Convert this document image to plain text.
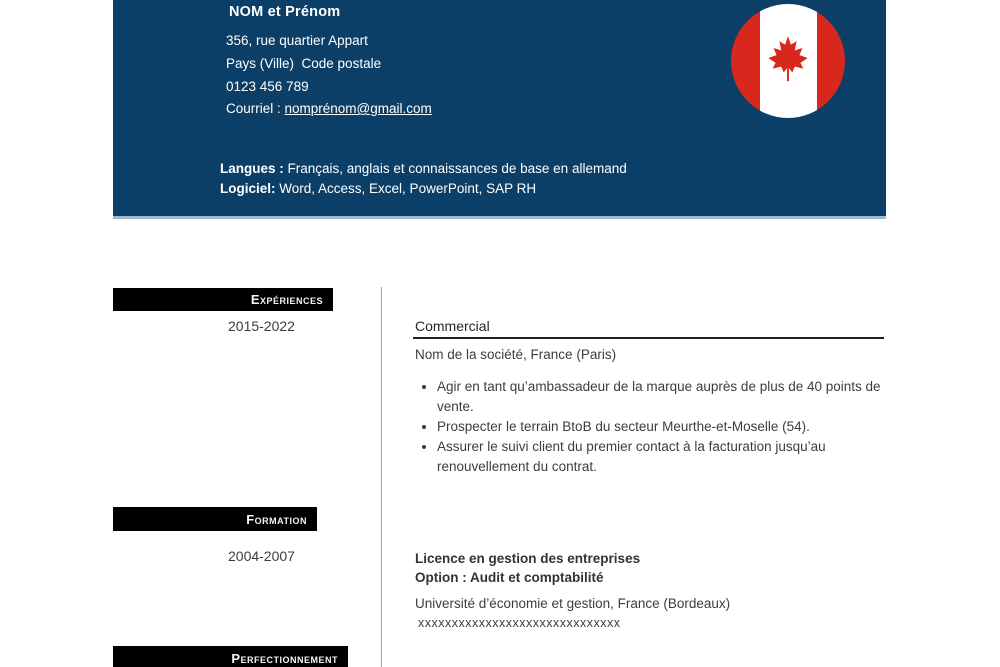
NOM et Prénom
356, rue quartier Appart
Pays (Ville)  Code postale
0123 456 789
Courriel : nomprénom@gmail.com
Langues : Français, anglais et connaissances de base en allemand
Logiciel: Word, Access, Excel, PowerPoint, SAP RH
Expériences
2015-2022
Formation
2004-2007
Perfectionnement
Commercial
Nom de la société, France (Paris)
• Agir en tant qu’ambassadeur de la marque auprès de plus de 40 points de vente.
• Prospecter le terrain BtoB du secteur Meurthe-et-Moselle (54).
• Assurer le suivi client du premier contact à la facturation jusqu’au renouvellement du contrat.
Licence en gestion des entreprises
Option : Audit et comptabilité
Université d’économie et gestion, France (Bordeaux)
xxxxxxxxxxxxxxxxxxxxxxxxxxxxxx
